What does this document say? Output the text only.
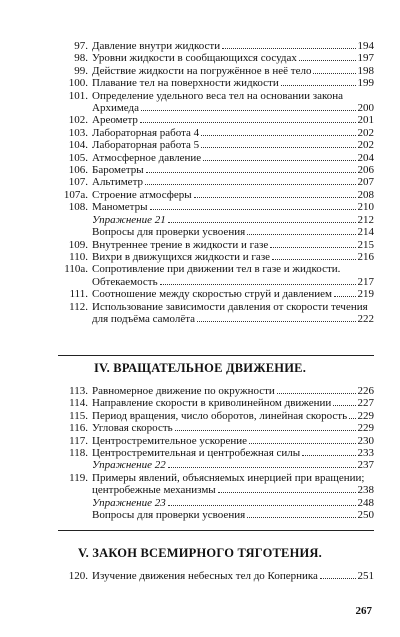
97. Давление внутри жидкости	194
98. Уровни жидкости в сообщающихся сосудах	197
99. Действие жидкости на погружённое в неё тело	198
100. Плавание тел на поверхности жидкости	199
101. Определение удельного веса тел на основании закона
Архимеда	200
102. Ареометр	201
103. Лабораторная работа 4	202
104. Лабораторная работа 5	202
105. Атмосферное давление	204
106. Барометры	206
107. Альтиметр	207
107а. Строение атмосферы	208
108. Манометры	210
Упражнение 21	212
Вопросы для проверки усвоения	214
109. Внутреннее трение в жидкости и газе	215
110. Вихри в движущихся жидкости и газе	216
110а. Сопротивление при движении тел в газе и жидкости.
Обтекаемость	217
111. Соотношение между скоростью струй и давлением 219
112. Использование зависимости давления от скорости течения
для подъёма самолёта	222
IV. ВРАЩАТЕЛЬНОЕ ДВИЖЕНИЕ.
113. Равномерное движение по окружности	226
114. Направление скорости в криволинейном движении 227
115. Период вращения, число оборотов, линейная скорость 229
116. Угловая скорость	229
117. Центростремительное ускорение	230
118. Центростремительная и центробежная силы	233
Упражнение 22	237
119. Примеры явлений, объясняемых инерцией при вращении;
центробежные механизмы	238
Упражнение 23	248
Вопросы для проверки усвоения	250
V. ЗАКОН ВСЕМИРНОГО ТЯГОТЕНИЯ.
120. Изучение движения небесных тел до Коперника	251
267
